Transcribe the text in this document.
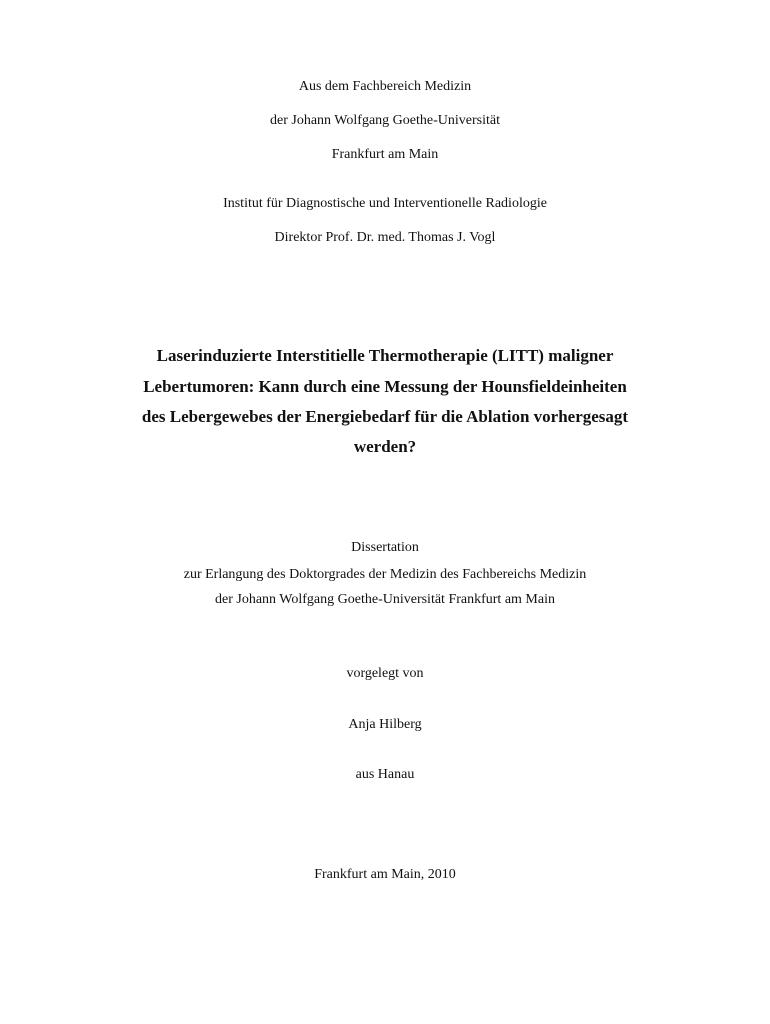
Aus dem Fachbereich Medizin
der Johann Wolfgang Goethe-Universität
Frankfurt am Main
Institut für Diagnostische und Interventionelle Radiologie
Direktor Prof. Dr. med. Thomas J. Vogl
Laserinduzierte Interstitielle Thermotherapie (LITT) maligner
Lebertumoren: Kann durch eine Messung der Hounsfieldeinheiten
des Lebergewebes der Energiebedarf für die Ablation vorhergesagt
werden?
Dissertation
zur Erlangung des Doktorgrades der Medizin des Fachbereichs Medizin
der Johann Wolfgang Goethe-Universität Frankfurt am Main
vorgelegt von
Anja Hilberg
aus Hanau
Frankfurt am Main, 2010
